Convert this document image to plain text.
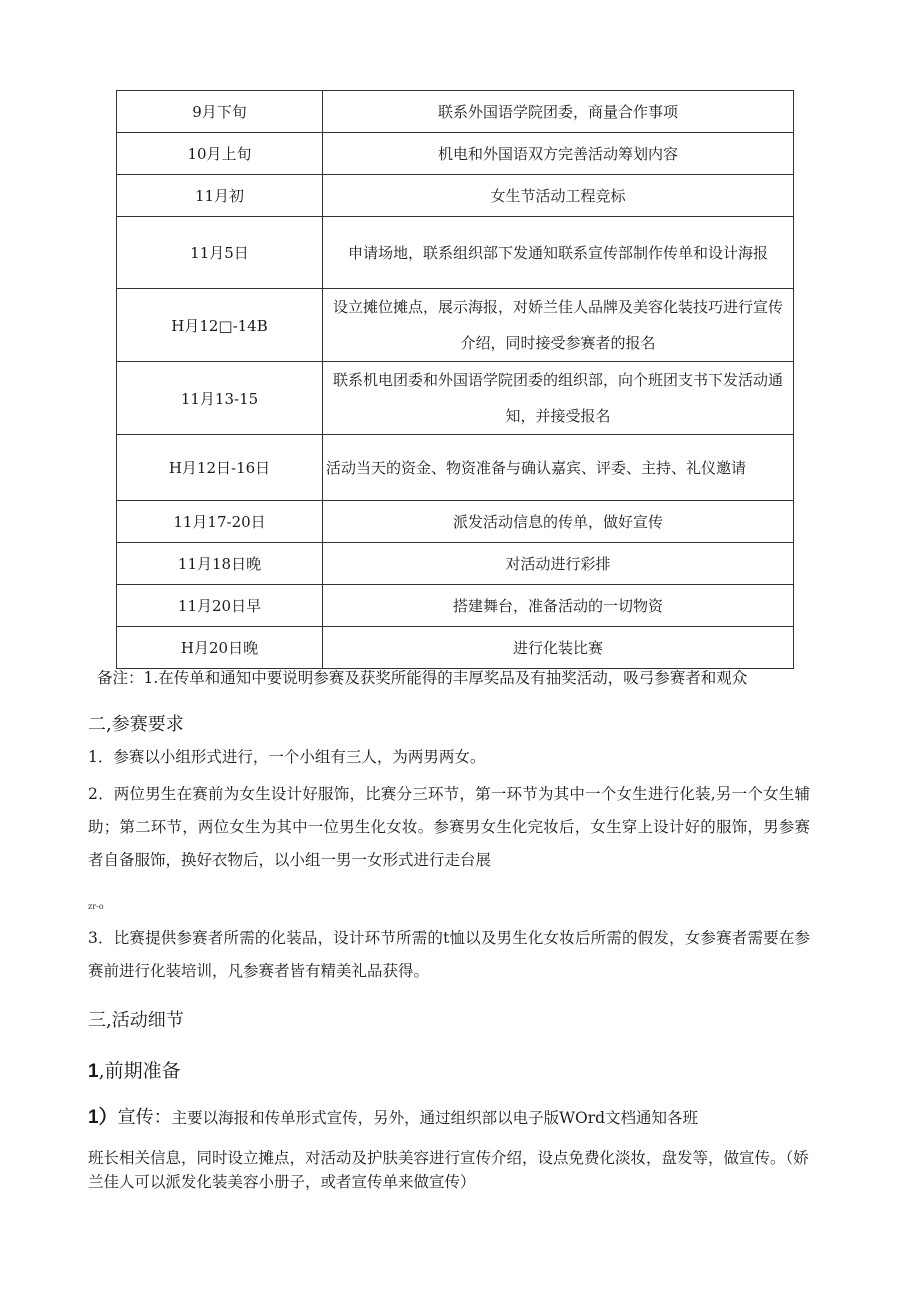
9月下旬	联系外国语学院团委，商量合作事项
10月上旬	机电和外国语双方完善活动筹划内容
11月初	女生节活动工程竞标
11月5日	申请场地，联系组织部下发通知联系宣传部制作传单和设计海报

H月12□-14B	设立摊位摊点，展示海报，对娇兰佳人品牌及美容化装技巧进行宣传介绍，同时接受参赛者的报名

11月13-15	联系机电团委和外国语学院团委的组织部，向个班团支书下发活动通知，并接受报名

H月12日-16日	活动当天的资金、物资准备与确认嘉宾、评委、主持、礼仪邀请

11月17-20日	派发活动信息的传单，做好宣传
11月18日晚	对活动进行彩排
11月20日早	搭建舞台，准备活动的一切物资
H月20日晚	进行化装比赛
备注：1.在传单和通知中要说明参赛及获奖所能得的丰厚奖品及有抽奖活动，吸弓参赛者和观众
二,参赛要求
1．参赛以小组形式进行，一个小组有三人，为两男两女。
2．两位男生在赛前为女生设计好服饰，比赛分三环节，第一环节为其中一个女生进行化装,另一个女生辅助；第二环节，两位女生为其中一位男生化女妆。参赛男女生化完妆后，女生穿上设计好的服饰，男参赛者自备服饰，换好衣物后，以小组一男一女形式进行走台展
zr-o
3．比赛提供参赛者所需的化装品，设计环节所需的t恤以及男生化女妆后所需的假发，女参赛者需要在参赛前进行化装培训，凡参赛者皆有精美礼品获得。
三,活动细节
1,前期准备
1）宣传：主要以海报和传单形式宣传，另外，通过组织部以电子版WOrd文档通知各班
班长相关信息，同时设立摊点，对活动及护肤美容进行宣传介绍，设点免费化淡妆，盘发等，做宣传。（娇兰佳人可以派发化装美容小册子，或者宣传单来做宣传）
